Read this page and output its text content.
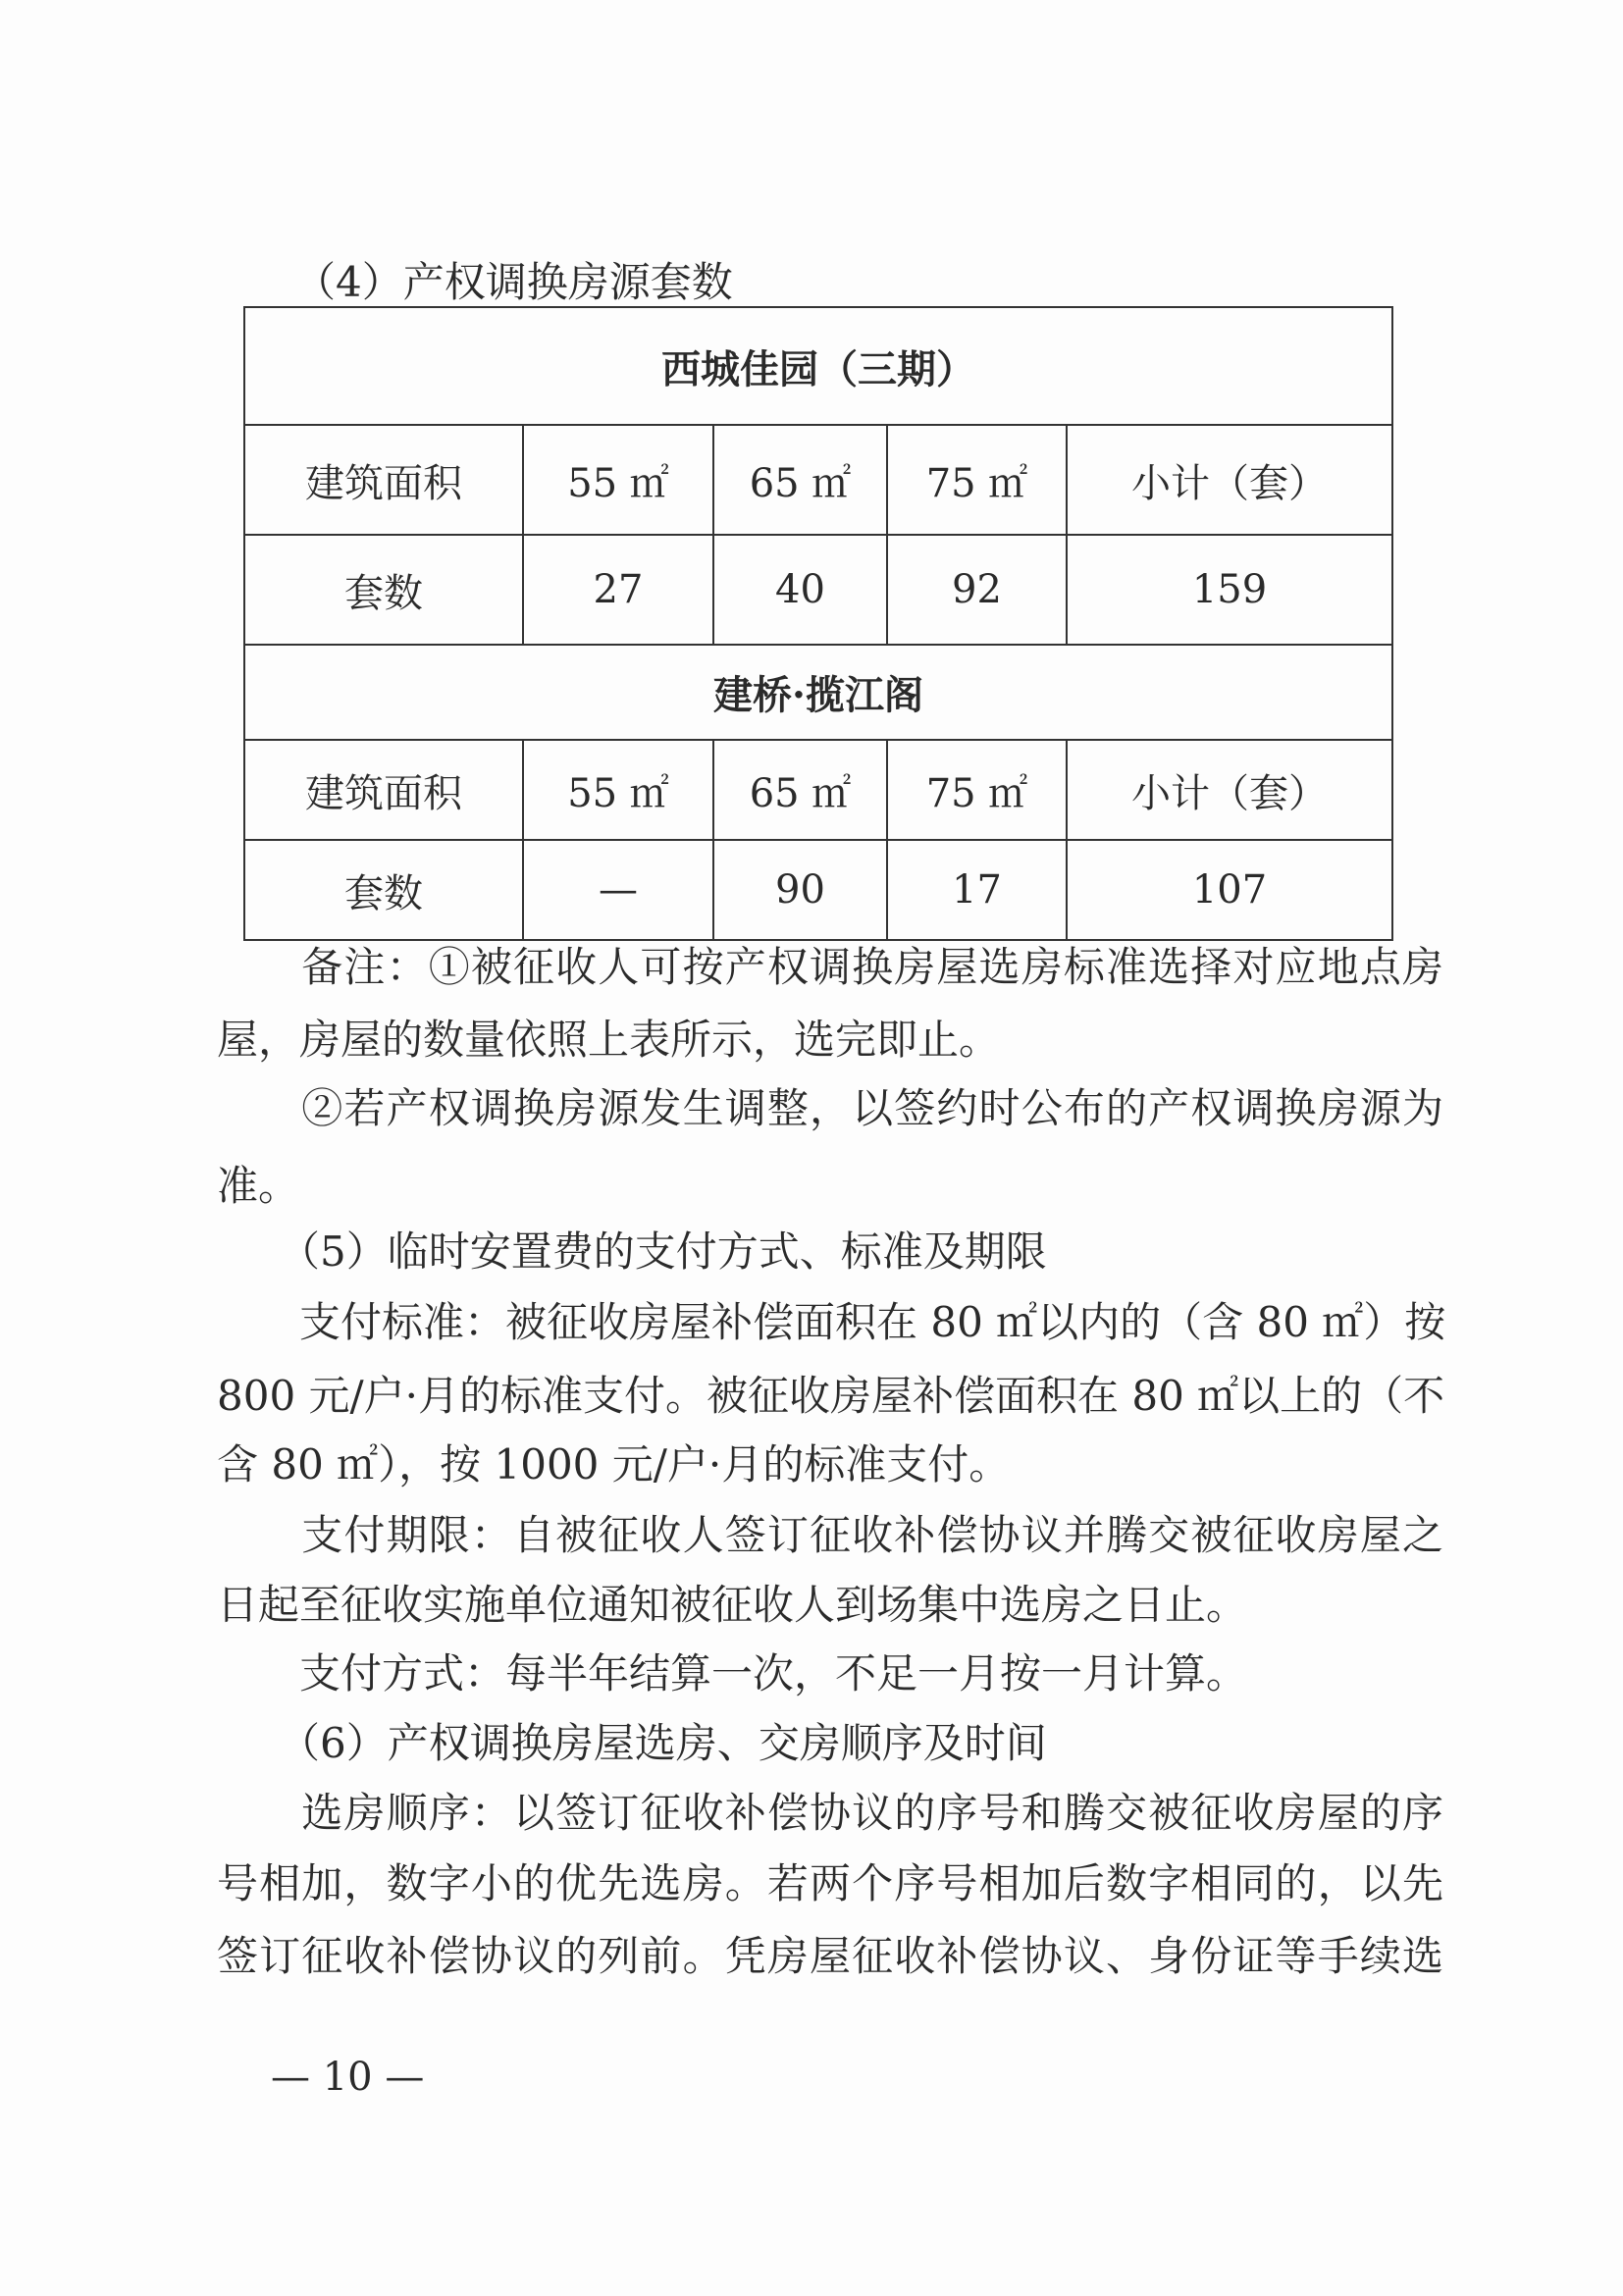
（4）产权调换房源套数
西城佳园（三期）				
建筑面积	55 ㎡	65 ㎡	75 ㎡	小计（套）
套数	27	40	92	159
建桥·揽江阁				
建筑面积	55 ㎡	65 ㎡	75 ㎡	小计（套）
套数	—	90	17	107
　　备注：①被征收人可按产权调换房屋选房标准选择对应地点房
屋，房屋的数量依照上表所示，选完即止。
　　②若产权调换房源发生调整，以签约时公布的产权调换房源为
准。
　　（5）临时安置费的支付方式、标准及期限
　　支付标准：被征收房屋补偿面积在 80 ㎡以内的（含 80 ㎡）按
800 元/户·月的标准支付。被征收房屋补偿面积在 80 ㎡以上的（不
含 80 ㎡），按 1000 元/户·月的标准支付。
　　支付期限：自被征收人签订征收补偿协议并腾交被征收房屋之
日起至征收实施单位通知被征收人到场集中选房之日止。
　　支付方式：每半年结算一次，不足一月按一月计算。
　　（6）产权调换房屋选房、交房顺序及时间
　　选房顺序：以签订征收补偿协议的序号和腾交被征收房屋的序
号相加，数字小的优先选房。若两个序号相加后数字相同的，以先
签订征收补偿协议的列前。凭房屋征收补偿协议、身份证等手续选
— 10 —
